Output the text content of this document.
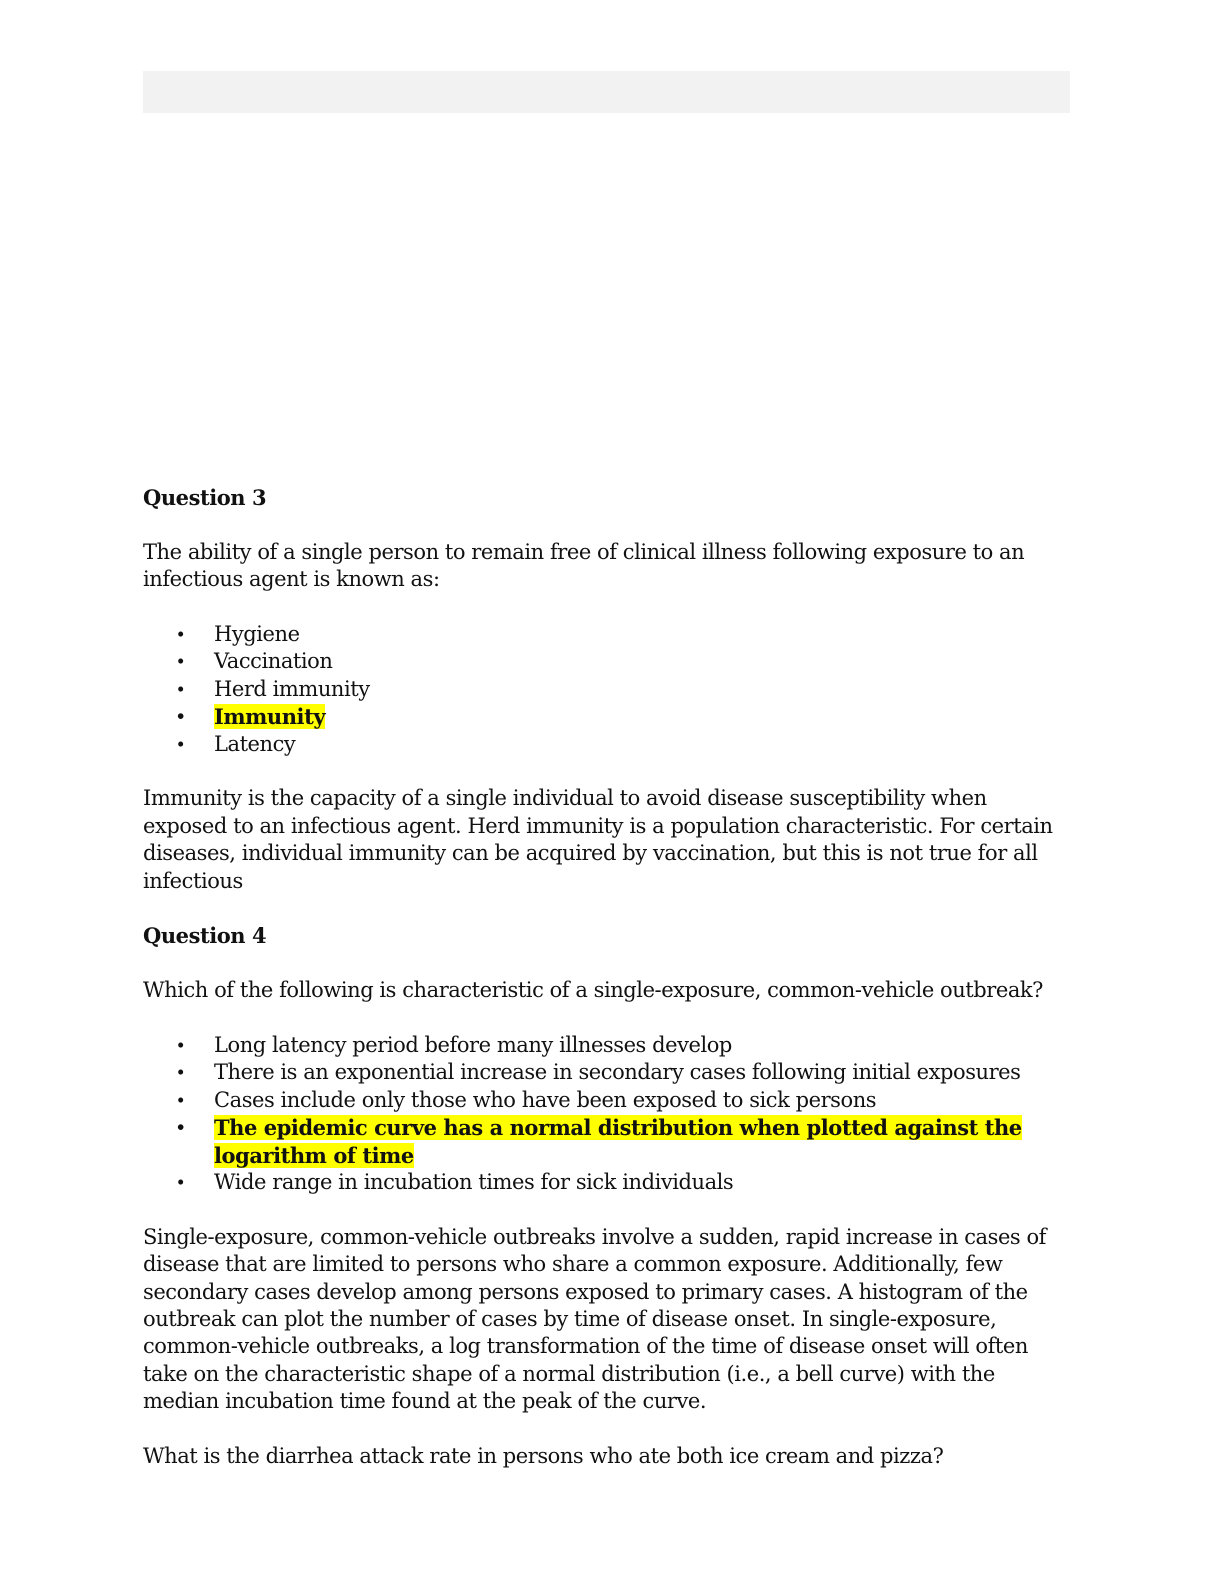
Question 3

The ability of a single person to remain free of clinical illness following exposure to an infectious agent is known as:

• Hygiene
• Vaccination
• Herd immunity
• Immunity
• Latency

Immunity is the capacity of a single individual to avoid disease susceptibility when exposed to an infectious agent. Herd immunity is a population characteristic. For certain diseases, individual immunity can be acquired by vaccination, but this is not true for all infectious

Question 4

Which of the following is characteristic of a single-exposure, common-vehicle outbreak?

• Long latency period before many illnesses develop
• There is an exponential increase in secondary cases following initial exposures
• Cases include only those who have been exposed to sick persons
• The epidemic curve has a normal distribution when plotted against the logarithm of time
• Wide range in incubation times for sick individuals

Single-exposure, common-vehicle outbreaks involve a sudden, rapid increase in cases of disease that are limited to persons who share a common exposure. Additionally, few secondary cases develop among persons exposed to primary cases. A histogram of the outbreak can plot the number of cases by time of disease onset. In single-exposure, common-vehicle outbreaks, a log transformation of the time of disease onset will often take on the characteristic shape of a normal distribution (i.e., a bell curve) with the median incubation time found at the peak of the curve.

What is the diarrhea attack rate in persons who ate both ice cream and pizza?
